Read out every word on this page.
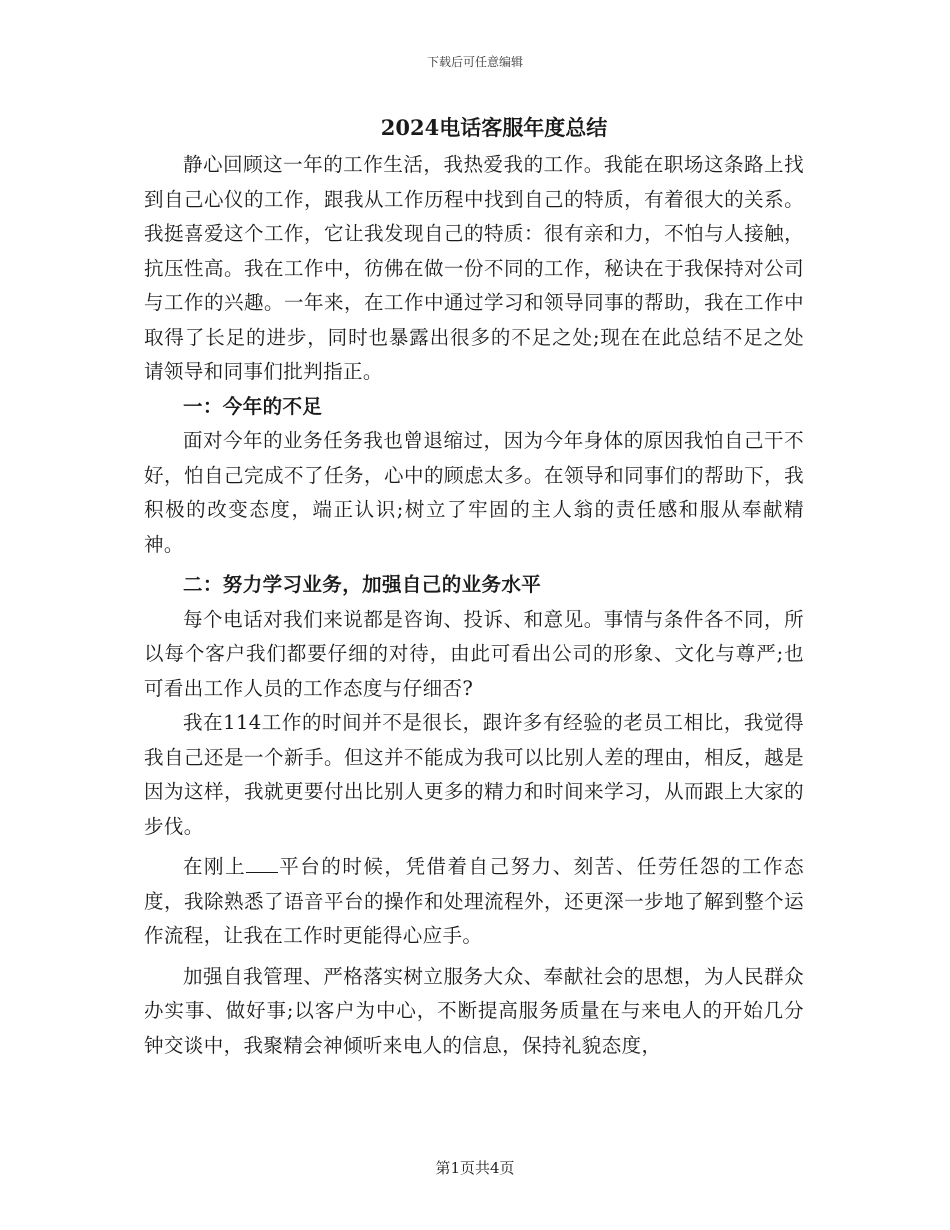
下载后可任意编辑
2024电话客服年度总结

静心回顾这一年的工作生活，我热爱我的工作。我能在职场这条路上找到自己心仪的工作，跟我从工作历程中找到自己的特质，有着很大的关系。我挺喜爱这个工作，它让我发现自己的特质：很有亲和力，不怕与人接触，抗压性高。我在工作中，彷佛在做一份不同的工作，秘诀在于我保持对公司与工作的兴趣。一年来，在工作中通过学习和领导同事的帮助，我在工作中取得了长足的进步，同时也暴露出很多的不足之处;现在在此总结不足之处请领导和同事们批判指正。

一：今年的不足

面对今年的业务任务我也曾退缩过，因为今年身体的原因我怕自己干不好，怕自己完成不了任务，心中的顾虑太多。在领导和同事们的帮助下，我积极的改变态度，端正认识;树立了牢固的主人翁的责任感和服从奉献精神。

二：努力学习业务，加强自己的业务水平

每个电话对我们来说都是咨询、投诉、和意见。事情与条件各不同，所以每个客户我们都要仔细的对待，由此可看出公司的形象、文化与尊严;也可看出工作人员的工作态度与仔细否?

我在114工作的时间并不是很长，跟许多有经验的老员工相比，我觉得我自己还是一个新手。但这并不能成为我可以比别人差的理由，相反，越是因为这样，我就更要付出比别人更多的精力和时间来学习，从而跟上大家的步伐。

在刚上 平台的时候，凭借着自己努力、刻苦、任劳任怨的工作态度，我除熟悉了语音平台的操作和处理流程外，还更深一步地了解到整个运作流程，让我在工作时更能得心应手。

加强自我管理、严格落实树立服务大众、奉献社会的思想，为人民群众办实事、做好事;以客户为中心，不断提高服务质量在与来电人的开始几分钟交谈中，我聚精会神倾听来电人的信息，保持礼貌态度，

第1页共4页
